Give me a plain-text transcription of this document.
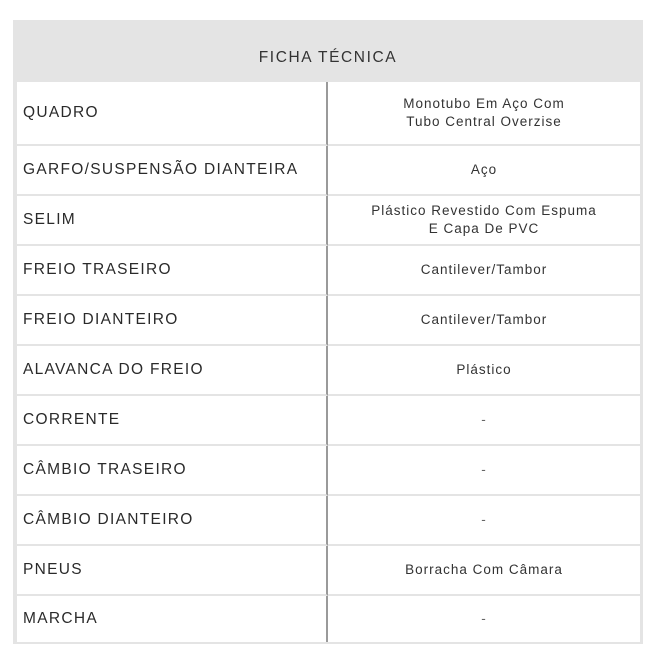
FICHA TÉCNICA
QUADRO	Monotubo Em Aço Com
Tubo Central Overzise

GARFO/SUSPENSÃO DIANTEIRA	Aço

SELIM	Plástico Revestido Com Espuma
E Capa De PVC

FREIO TRASEIRO	Cantilever/Tambor

FREIO DIANTEIRO	Cantilever/Tambor

ALAVANCA DO FREIO	Plástico

CORRENTE	-

CÂMBIO TRASEIRO	-

CÂMBIO DIANTEIRO	-

PNEUS	Borracha Com Câmara

MARCHA	-
